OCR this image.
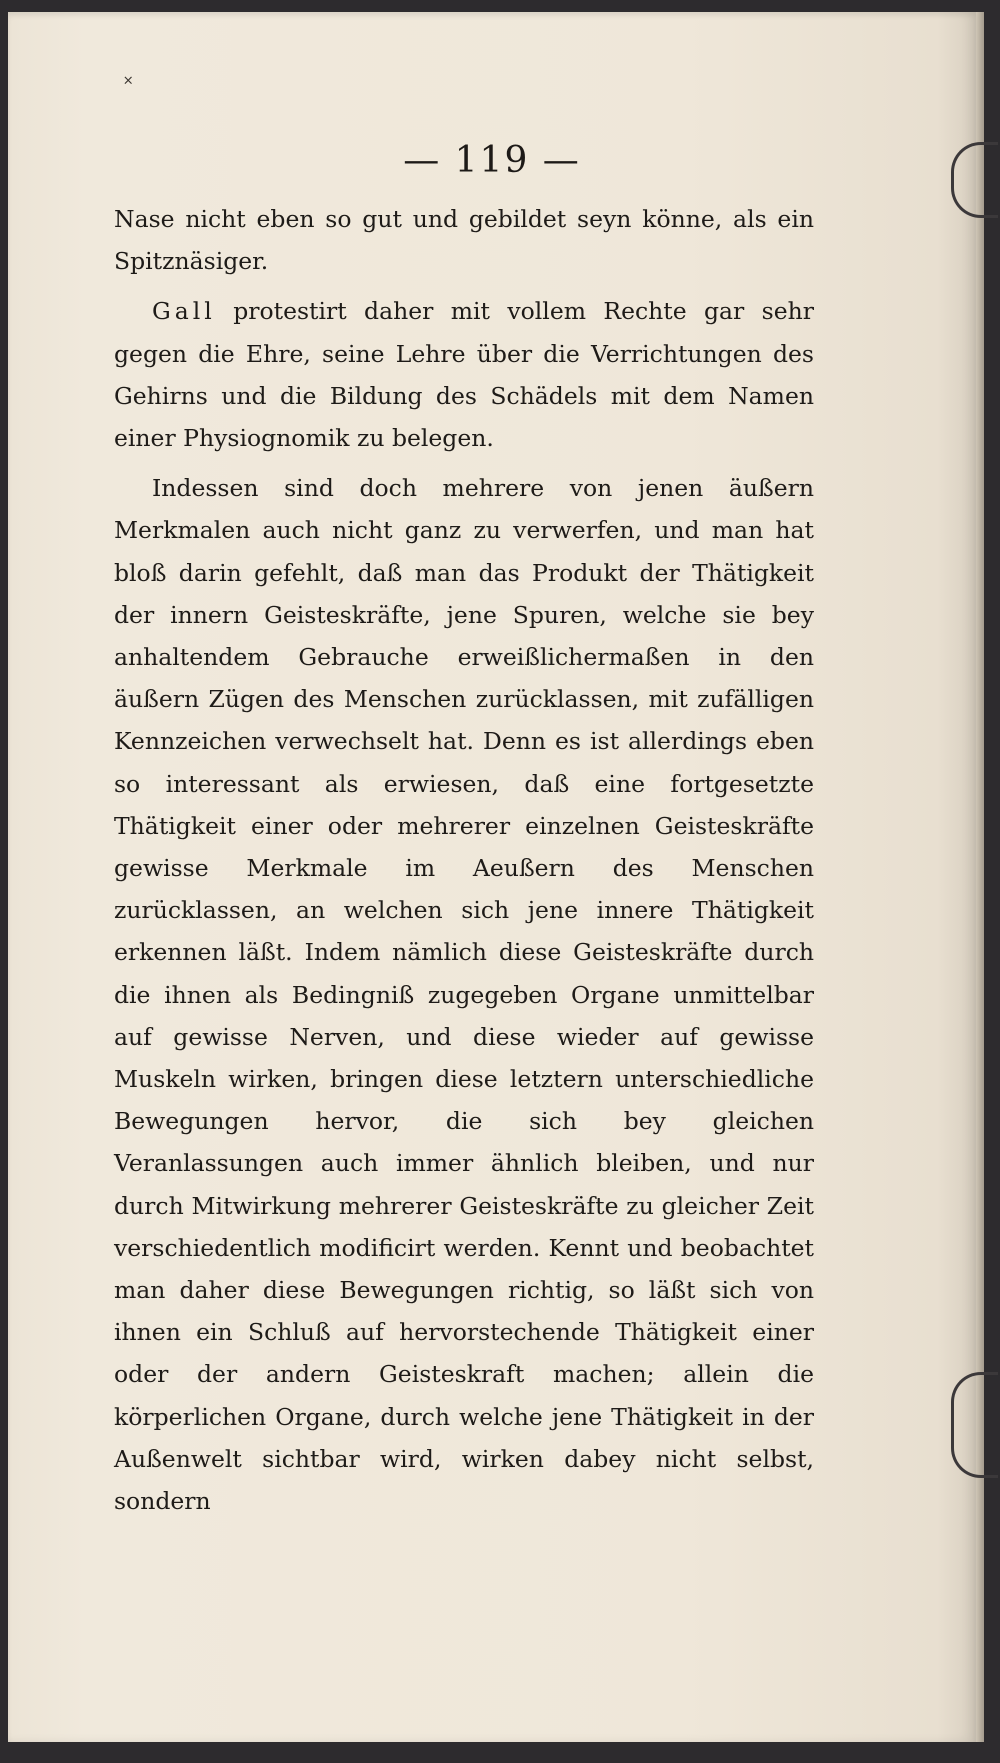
˟
— 119 —

Nase nicht eben so gut und gebildet seyn könne, als ein Spitznäsiger.

Gall protestirt daher mit vollem Rechte gar sehr gegen die Ehre, seine Lehre über die Verrichtungen des Gehirns und die Bildung des Schädels mit dem Namen einer Physiognomik zu belegen.

Indessen sind doch mehrere von jenen äußern Merkmalen auch nicht ganz zu verwerfen, und man hat bloß darin gefehlt, daß man das Produkt der Thätigkeit der innern Geisteskräfte, jene Spuren, welche sie bey anhaltendem Gebrauche erweißlichermaßen in den äußern Zügen des Menschen zurücklassen, mit zufälligen Kennzeichen verwechselt hat. Denn es ist allerdings eben so interessant als erwiesen, daß eine fortgesetzte Thätigkeit einer oder mehrerer einzelnen Geisteskräfte gewisse Merkmale im Aeußern des Menschen zurücklassen, an welchen sich jene innere Thätigkeit erkennen läßt. Indem nämlich diese Geisteskräfte durch die ihnen als Bedingniß zugegeben Organe unmittelbar auf gewisse Nerven, und diese wieder auf gewisse Muskeln wirken, bringen diese letztern unterschiedliche Bewegungen hervor, die sich bey gleichen Veranlassungen auch immer ähnlich bleiben, und nur durch Mitwirkung mehrerer Geisteskräfte zu gleicher Zeit verschiedentlich modificirt werden. Kennt und beobachtet man daher diese Bewegungen richtig, so läßt sich von ihnen ein Schluß auf hervorstechende Thätigkeit einer oder der andern Geisteskraft machen; allein die körperlichen Organe, durch welche jene Thätigkeit in der Außenwelt sichtbar wird, wirken dabey nicht selbst, sondern
